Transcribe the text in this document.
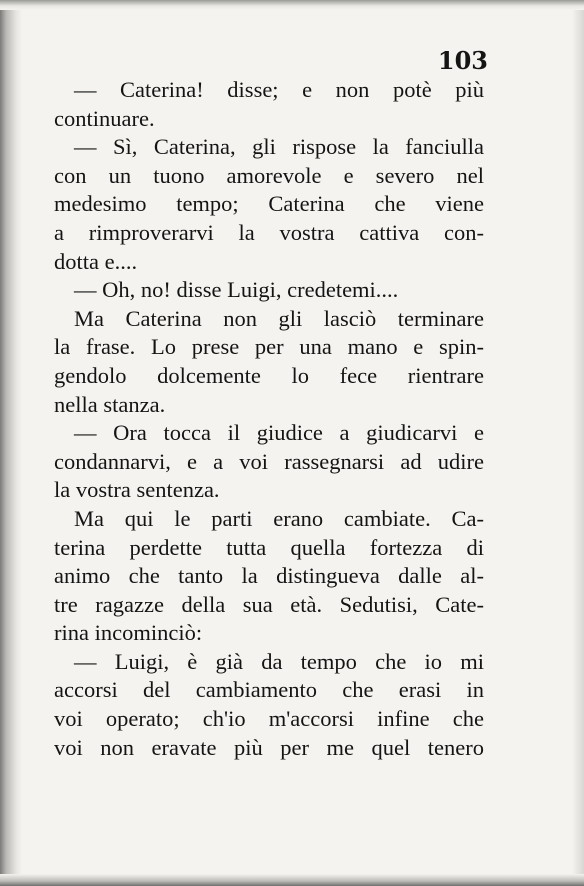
103
— Caterina! disse; e non potè più
continuare.
— Sì, Caterina, gli rispose la fanciulla
con un tuono amorevole e severo nel
medesimo tempo; Caterina che viene
a rimproverarvi la vostra cattiva con-
dotta e....
— Oh, no! disse Luigi, credetemi....
Ma Caterina non gli lasciò terminare
la frase. Lo prese per una mano e spin-
gendolo dolcemente lo fece rientrare
nella stanza.
— Ora tocca il giudice a giudicarvi e
condannarvi, e a voi rassegnarsi ad udire
la vostra sentenza.
Ma qui le parti erano cambiate. Ca-
terina perdette tutta quella fortezza di
animo che tanto la distingueva dalle al-
tre ragazze della sua età. Sedutisi, Cate-
rina incominciò:
— Luigi, è già da tempo che io mi
accorsi del cambiamento che erasi in
voi operato; ch'io m'accorsi infine che
voi non eravate più per me quel tenero
